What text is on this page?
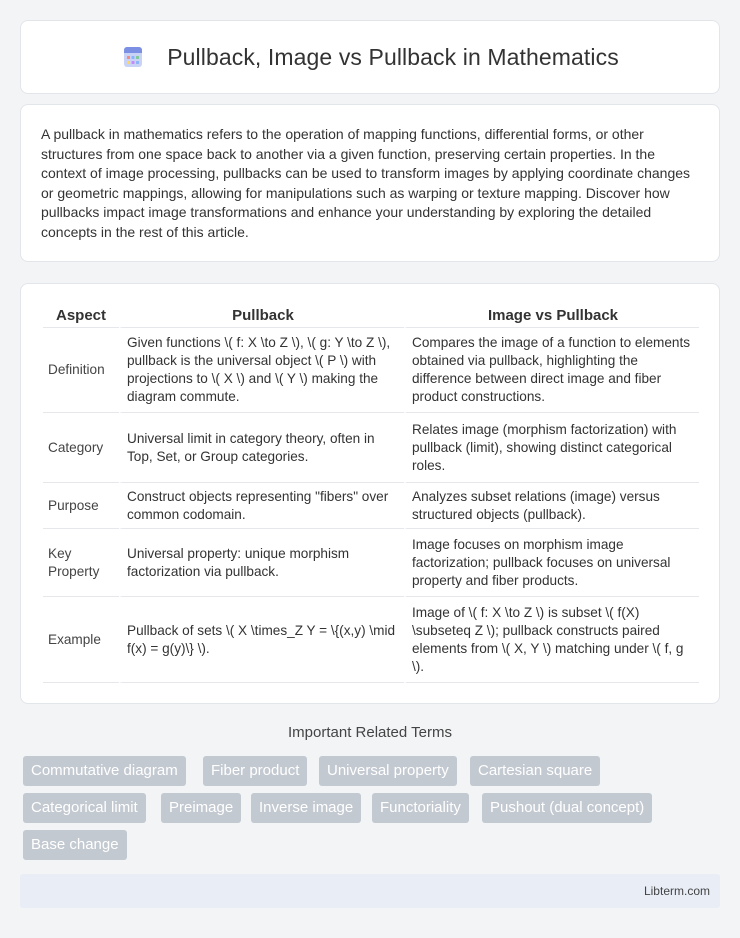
Pullback, Image vs Pullback in Mathematics

A pullback in mathematics refers to the operation of mapping functions, differential forms, or other structures from one space back to another via a given function, preserving certain properties. In the context of image processing, pullbacks can be used to transform images by applying coordinate changes or geometric mappings, allowing for manipulations such as warping or texture mapping. Discover how pullbacks impact image transformations and enhance your understanding by exploring the detailed concepts in the rest of this article.

Aspect	Pullback	Image vs Pullback
Definition	Given functions \( f: X \to Z \), \( g: Y \to Z \), pullback is the universal object \( P \) with projections to \( X \) and \( Y \) making the diagram commute.	Compares the image of a function to elements obtained via pullback, highlighting the difference between direct image and fiber product constructions.
Category	Universal limit in category theory, often in Top, Set, or Group categories.	Relates image (morphism factorization) with pullback (limit), showing distinct categorical roles.
Purpose	Construct objects representing "fibers" over common codomain.	Analyzes subset relations (image) versus structured objects (pullback).
Key Property	Universal property: unique morphism factorization via pullback.	Image focuses on morphism image factorization; pullback focuses on universal property and fiber products.
Example	Pullback of sets \( X \times_Z Y = \{(x,y) \mid f(x) = g(y)\} \).	Image of \( f: X \to Z \) is subset \( f(X) \subseteq Z \); pullback constructs paired elements from \( X, Y \) matching under \( f, g \).
Important Related Terms
Commutative diagram	Fiber product	Universal property	Cartesian square
Categorical limit	Preimage	Inverse image	Functoriality	Pushout (dual concept)
Base change
Libterm.com
